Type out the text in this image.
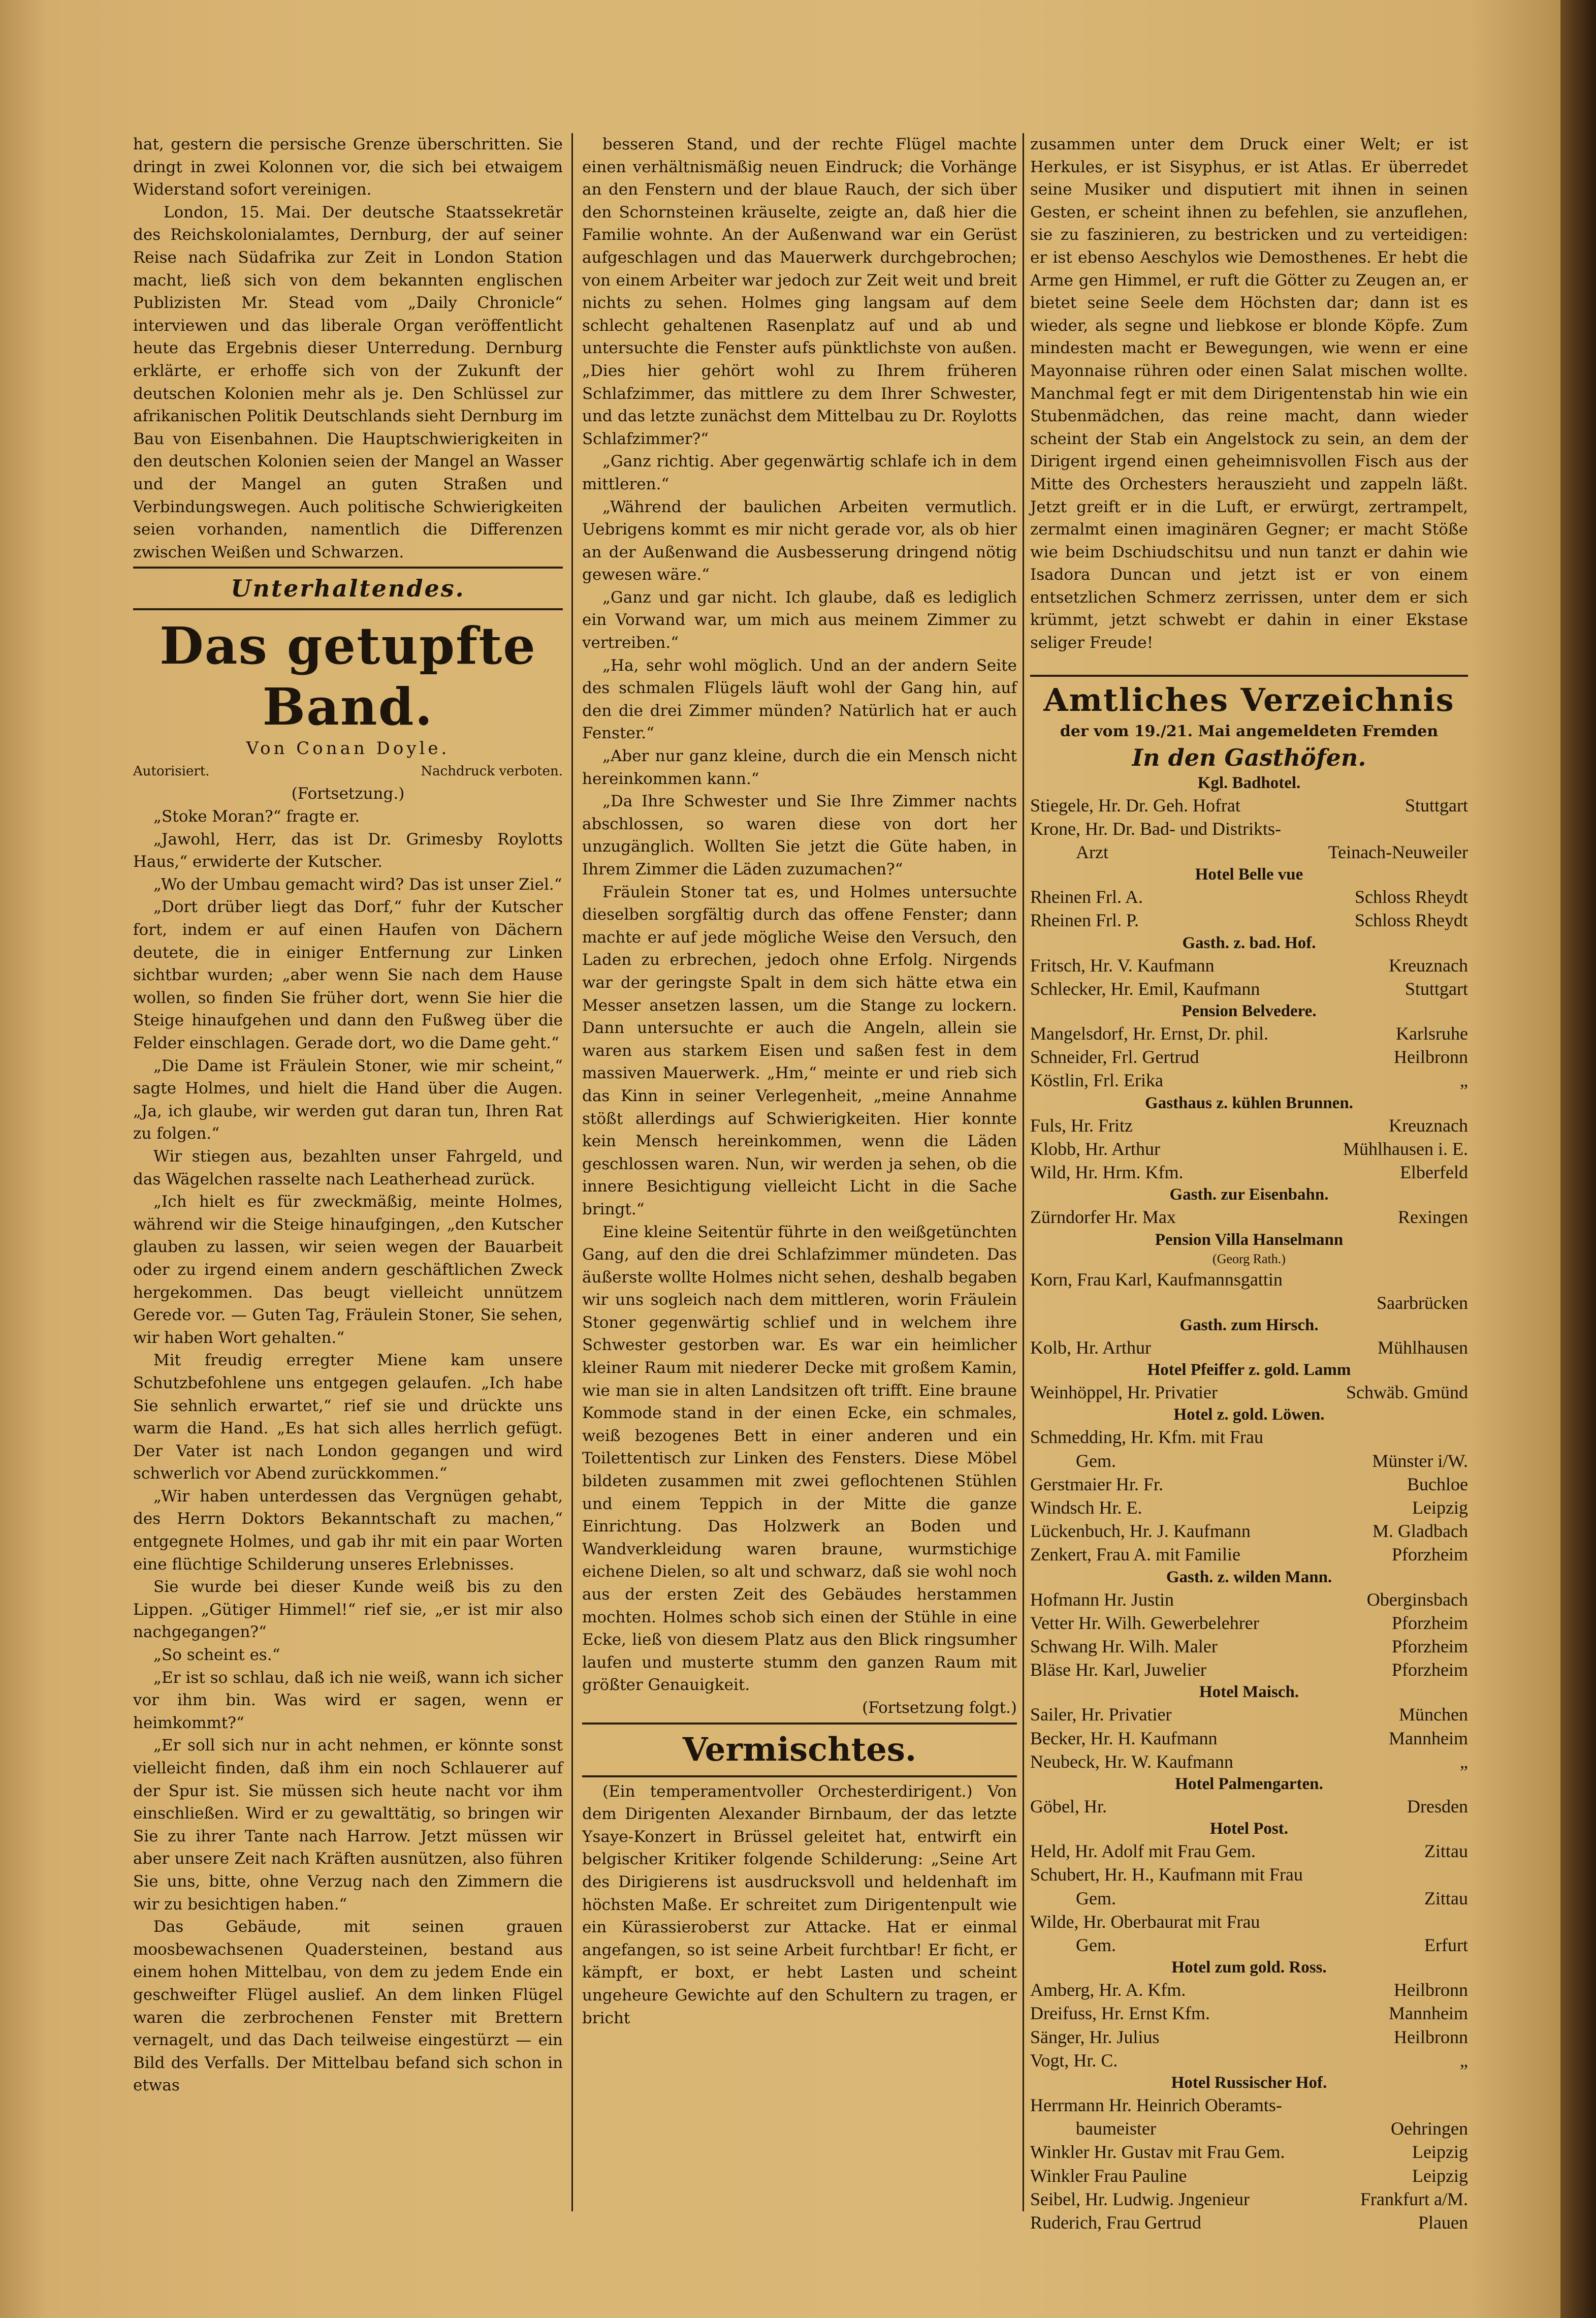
hat, gestern die persische Grenze überschritten. Sie dringt in zwei Kolonnen vor, die sich bei etwaigem Widerstand sofort vereinigen.

London, 15. Mai. Der deutsche Staatssekretär des Reichskolonialamtes, Dernburg, der auf seiner Reise nach Südafrika zur Zeit in London Station macht, ließ sich von dem bekannten englischen Publizisten Mr. Stead vom „Daily Chronicle“ interviewen und das liberale Organ veröffentlicht heute das Ergebnis dieser Unterredung. Dernburg erklärte, er erhoffe sich von der Zukunft der deutschen Kolonien mehr als je. Den Schlüssel zur afrikanischen Politik Deutschlands sieht Dernburg im Bau von Eisenbahnen. Die Hauptschwierigkeiten in den deutschen Kolonien seien der Mangel an Wasser und der Mangel an guten Straßen und Verbindungswegen. Auch politische Schwierigkeiten seien vorhanden, namentlich die Differenzen zwischen Weißen und Schwarzen.

Unterhaltendes.
Das getupfte Band.
Von Conan Doyle.
Autorisiert.	Nachdruck verboten.
(Fortsetzung.)

„Stoke Moran?“ fragte er.

„Jawohl, Herr, das ist Dr. Grimesby Roylotts Haus,“ erwiderte der Kutscher.

„Wo der Umbau gemacht wird? Das ist unser Ziel.“

„Dort drüber liegt das Dorf,“ fuhr der Kutscher fort, indem er auf einen Haufen von Dächern deutete, die in einiger Entfernung zur Linken sichtbar wurden; „aber wenn Sie nach dem Hause wollen, so finden Sie früher dort, wenn Sie hier die Steige hinaufgehen und dann den Fußweg über die Felder einschlagen. Gerade dort, wo die Dame geht.“

„Die Dame ist Fräulein Stoner, wie mir scheint,“ sagte Holmes, und hielt die Hand über die Augen. „Ja, ich glaube, wir werden gut daran tun, Ihren Rat zu folgen.“

Wir stiegen aus, bezahlten unser Fahrgeld, und das Wägelchen rasselte nach Leatherhead zurück.

„Ich hielt es für zweckmäßig, meinte Holmes, während wir die Steige hinaufgingen, „den Kutscher glauben zu lassen, wir seien wegen der Bauarbeit oder zu irgend einem andern geschäftlichen Zweck hergekommen. Das beugt vielleicht unnützem Gerede vor. — Guten Tag, Fräulein Stoner, Sie sehen, wir haben Wort gehalten.“

Mit freudig erregter Miene kam unsere Schutzbefohlene uns entgegen gelaufen. „Ich habe Sie sehnlich erwartet,“ rief sie und drückte uns warm die Hand. „Es hat sich alles herrlich gefügt. Der Vater ist nach London gegangen und wird schwerlich vor Abend zurückkommen.“

„Wir haben unterdessen das Vergnügen gehabt, des Herrn Doktors Bekanntschaft zu machen,“ entgegnete Holmes, und gab ihr mit ein paar Worten eine flüchtige Schilderung unseres Erlebnisses.

Sie wurde bei dieser Kunde weiß bis zu den Lippen. „Gütiger Himmel!“ rief sie, „er ist mir also nachgegangen?“

„So scheint es.“

„Er ist so schlau, daß ich nie weiß, wann ich sicher vor ihm bin. Was wird er sagen, wenn er heimkommt?“

„Er soll sich nur in acht nehmen, er könnte sonst vielleicht finden, daß ihm ein noch Schlauerer auf der Spur ist. Sie müssen sich heute nacht vor ihm einschließen. Wird er zu gewalttätig, so bringen wir Sie zu ihrer Tante nach Harrow. Jetzt müssen wir aber unsere Zeit nach Kräften ausnützen, also führen Sie uns, bitte, ohne Verzug nach den Zimmern die wir zu besichtigen haben.“

Das Gebäude, mit seinen grauen moosbewachsenen Quadersteinen, bestand aus einem hohen Mittelbau, von dem zu jedem Ende ein geschweifter Flügel auslief. An dem linken Flügel waren die zerbrochenen Fenster mit Brettern vernagelt, und das Dach teilweise eingestürzt — ein Bild des Verfalls. Der Mittelbau befand sich schon in etwas

besseren Stand, und der rechte Flügel machte einen verhältnismäßig neuen Eindruck; die Vorhänge an den Fenstern und der blaue Rauch, der sich über den Schornsteinen kräuselte, zeigte an, daß hier die Familie wohnte. An der Außenwand war ein Gerüst aufgeschlagen und das Mauerwerk durchgebrochen; von einem Arbeiter war jedoch zur Zeit weit und breit nichts zu sehen. Holmes ging langsam auf dem schlecht gehaltenen Rasenplatz auf und ab und untersuchte die Fenster aufs pünktlichste von außen. „Dies hier gehört wohl zu Ihrem früheren Schlafzimmer, das mittlere zu dem Ihrer Schwester, und das letzte zunächst dem Mittelbau zu Dr. Roylotts Schlafzimmer?“

„Ganz richtig. Aber gegenwärtig schlafe ich in dem mittleren.“

„Während der baulichen Arbeiten vermutlich. Uebrigens kommt es mir nicht gerade vor, als ob hier an der Außenwand die Ausbesserung dringend nötig gewesen wäre.“

„Ganz und gar nicht. Ich glaube, daß es lediglich ein Vorwand war, um mich aus meinem Zimmer zu vertreiben.“

„Ha, sehr wohl möglich. Und an der andern Seite des schmalen Flügels läuft wohl der Gang hin, auf den die drei Zimmer münden? Natürlich hat er auch Fenster.“

„Aber nur ganz kleine, durch die ein Mensch nicht hereinkommen kann.“

„Da Ihre Schwester und Sie Ihre Zimmer nachts abschlossen, so waren diese von dort her unzugänglich. Wollten Sie jetzt die Güte haben, in Ihrem Zimmer die Läden zuzumachen?“

Fräulein Stoner tat es, und Holmes untersuchte dieselben sorgfältig durch das offene Fenster; dann machte er auf jede mögliche Weise den Versuch, den Laden zu erbrechen, jedoch ohne Erfolg. Nirgends war der geringste Spalt in dem sich hätte etwa ein Messer ansetzen lassen, um die Stange zu lockern. Dann untersuchte er auch die Angeln, allein sie waren aus starkem Eisen und saßen fest in dem massiven Mauerwerk. „Hm,“ meinte er und rieb sich das Kinn in seiner Verlegenheit, „meine Annahme stößt allerdings auf Schwierigkeiten. Hier konnte kein Mensch hereinkommen, wenn die Läden geschlossen waren. Nun, wir werden ja sehen, ob die innere Besichtigung vielleicht Licht in die Sache bringt.“

Eine kleine Seitentür führte in den weißgetünchten Gang, auf den die drei Schlafzimmer mündeten. Das äußerste wollte Holmes nicht sehen, deshalb begaben wir uns sogleich nach dem mittleren, worin Fräulein Stoner gegenwärtig schlief und in welchem ihre Schwester gestorben war. Es war ein heimlicher kleiner Raum mit niederer Decke mit großem Kamin, wie man sie in alten Landsitzen oft trifft. Eine braune Kommode stand in der einen Ecke, ein schmales, weiß bezogenes Bett in einer anderen und ein Toilettentisch zur Linken des Fensters. Diese Möbel bildeten zusammen mit zwei geflochtenen Stühlen und einem Teppich in der Mitte die ganze Einrichtung. Das Holzwerk an Boden und Wandverkleidung waren braune, wurmstichige eichene Dielen, so alt und schwarz, daß sie wohl noch aus der ersten Zeit des Gebäudes herstammen mochten. Holmes schob sich einen der Stühle in eine Ecke, ließ von diesem Platz aus den Blick ringsumher laufen und musterte stumm den ganzen Raum mit größter Genauigkeit.

(Fortsetzung folgt.)
Vermischtes.

(Ein temperamentvoller Orchesterdirigent.) Von dem Dirigenten Alexander Birnbaum, der das letzte Ysaye-Konzert in Brüssel geleitet hat, entwirft ein belgischer Kritiker folgende Schilderung: „Seine Art des Dirigierens ist ausdrucksvoll und heldenhaft im höchsten Maße. Er schreitet zum Dirigentenpult wie ein Kürassieroberst zur Attacke. Hat er einmal angefangen, so ist seine Arbeit furchtbar! Er ficht, er kämpft, er boxt, er hebt Lasten und scheint ungeheure Gewichte auf den Schultern zu tragen, er bricht

zusammen unter dem Druck einer Welt; er ist Herkules, er ist Sisyphus, er ist Atlas. Er überredet seine Musiker und disputiert mit ihnen in seinen Gesten, er scheint ihnen zu befehlen, sie anzuflehen, sie zu faszinieren, zu bestricken und zu verteidigen: er ist ebenso Aeschylos wie Demosthenes. Er hebt die Arme gen Himmel, er ruft die Götter zu Zeugen an, er bietet seine Seele dem Höchsten dar; dann ist es wieder, als segne und liebkose er blonde Köpfe. Zum mindesten macht er Bewegungen, wie wenn er eine Mayonnaise rühren oder einen Salat mischen wollte. Manchmal fegt er mit dem Dirigentenstab hin wie ein Stubenmädchen, das reine macht, dann wieder scheint der Stab ein Angelstock zu sein, an dem der Dirigent irgend einen geheimnisvollen Fisch aus der Mitte des Orchesters herauszieht und zappeln läßt. Jetzt greift er in die Luft, er erwürgt, zertrampelt, zermalmt einen imaginären Gegner; er macht Stöße wie beim Dschiudschitsu und nun tanzt er dahin wie Isadora Duncan und jetzt ist er von einem entsetzlichen Schmerz zerrissen, unter dem er sich krümmt, jetzt schwebt er dahin in einer Ekstase seliger Freude!

Amtliches Verzeichnis
der vom 19./21. Mai angemeldeten Fremden
In den Gasthöfen.
Kgl. Badhotel.
Stiegele, Hr. Dr. Geh. Hofrat	Stuttgart
Krone, Hr. Dr. Bad- und Distrikts-
Arzt	Teinach-Neuweiler
Hotel Belle vue
Rheinen Frl. A.	Schloss Rheydt
Rheinen Frl. P.	Schloss Rheydt
Gasth. z. bad. Hof.
Fritsch, Hr. V. Kaufmann	Kreuznach
Schlecker, Hr. Emil, Kaufmann	Stuttgart
Pension Belvedere.
Mangelsdorf, Hr. Ernst, Dr. phil.	Karlsruhe
Schneider, Frl. Gertrud	Heilbronn
Köstlin, Frl. Erika	„
Gasthaus z. kühlen Brunnen.
Fuls, Hr. Fritz	Kreuznach
Klobb, Hr. Arthur	Mühlhausen i. E.
Wild, Hr. Hrm. Kfm.	Elberfeld
Gasth. zur Eisenbahn.
Zürndorfer Hr. Max	Rexingen
Pension Villa Hanselmann
(Georg Rath.)
Korn, Frau Karl, Kaufmannsgattin
Saarbrücken
Gasth. zum Hirsch.
Kolb, Hr. Arthur	Mühlhausen
Hotel Pfeiffer z. gold. Lamm
Weinhöppel, Hr. Privatier	Schwäb. Gmünd
Hotel z. gold. Löwen.
Schmedding, Hr. Kfm. mit Frau
Gem.	Münster i/W.
Gerstmaier Hr. Fr.	Buchloe
Windsch Hr. E.	Leipzig
Lückenbuch, Hr. J. Kaufmann	M. Gladbach
Zenkert, Frau A. mit Familie	Pforzheim
Gasth. z. wilden Mann.
Hofmann Hr. Justin	Oberginsbach
Vetter Hr. Wilh. Gewerbelehrer	Pforzheim
Schwang Hr. Wilh. Maler	Pforzheim
Bläse Hr. Karl, Juwelier	Pforzheim
Hotel Maisch.
Sailer, Hr. Privatier	München
Becker, Hr. H. Kaufmann	Mannheim
Neubeck, Hr. W. Kaufmann	„
Hotel Palmengarten.
Göbel, Hr.	Dresden
Hotel Post.
Held, Hr. Adolf mit Frau Gem.	Zittau
Schubert, Hr. H., Kaufmann mit Frau
Gem.	Zittau
Wilde, Hr. Oberbaurat mit Frau
Gem.	Erfurt
Hotel zum gold. Ross.
Amberg, Hr. A. Kfm.	Heilbronn
Dreifuss, Hr. Ernst Kfm.	Mannheim
Sänger, Hr. Julius	Heilbronn
Vogt, Hr. C.	„
Hotel Russischer Hof.
Herrmann Hr. Heinrich Oberamts-
baumeister	Oehringen
Winkler Hr. Gustav mit Frau Gem.	Leipzig
Winkler Frau Pauline	Leipzig
Seibel, Hr. Ludwig. Jngenieur	Frankfurt a/M.
Ruderich, Frau Gertrud	Plauen
